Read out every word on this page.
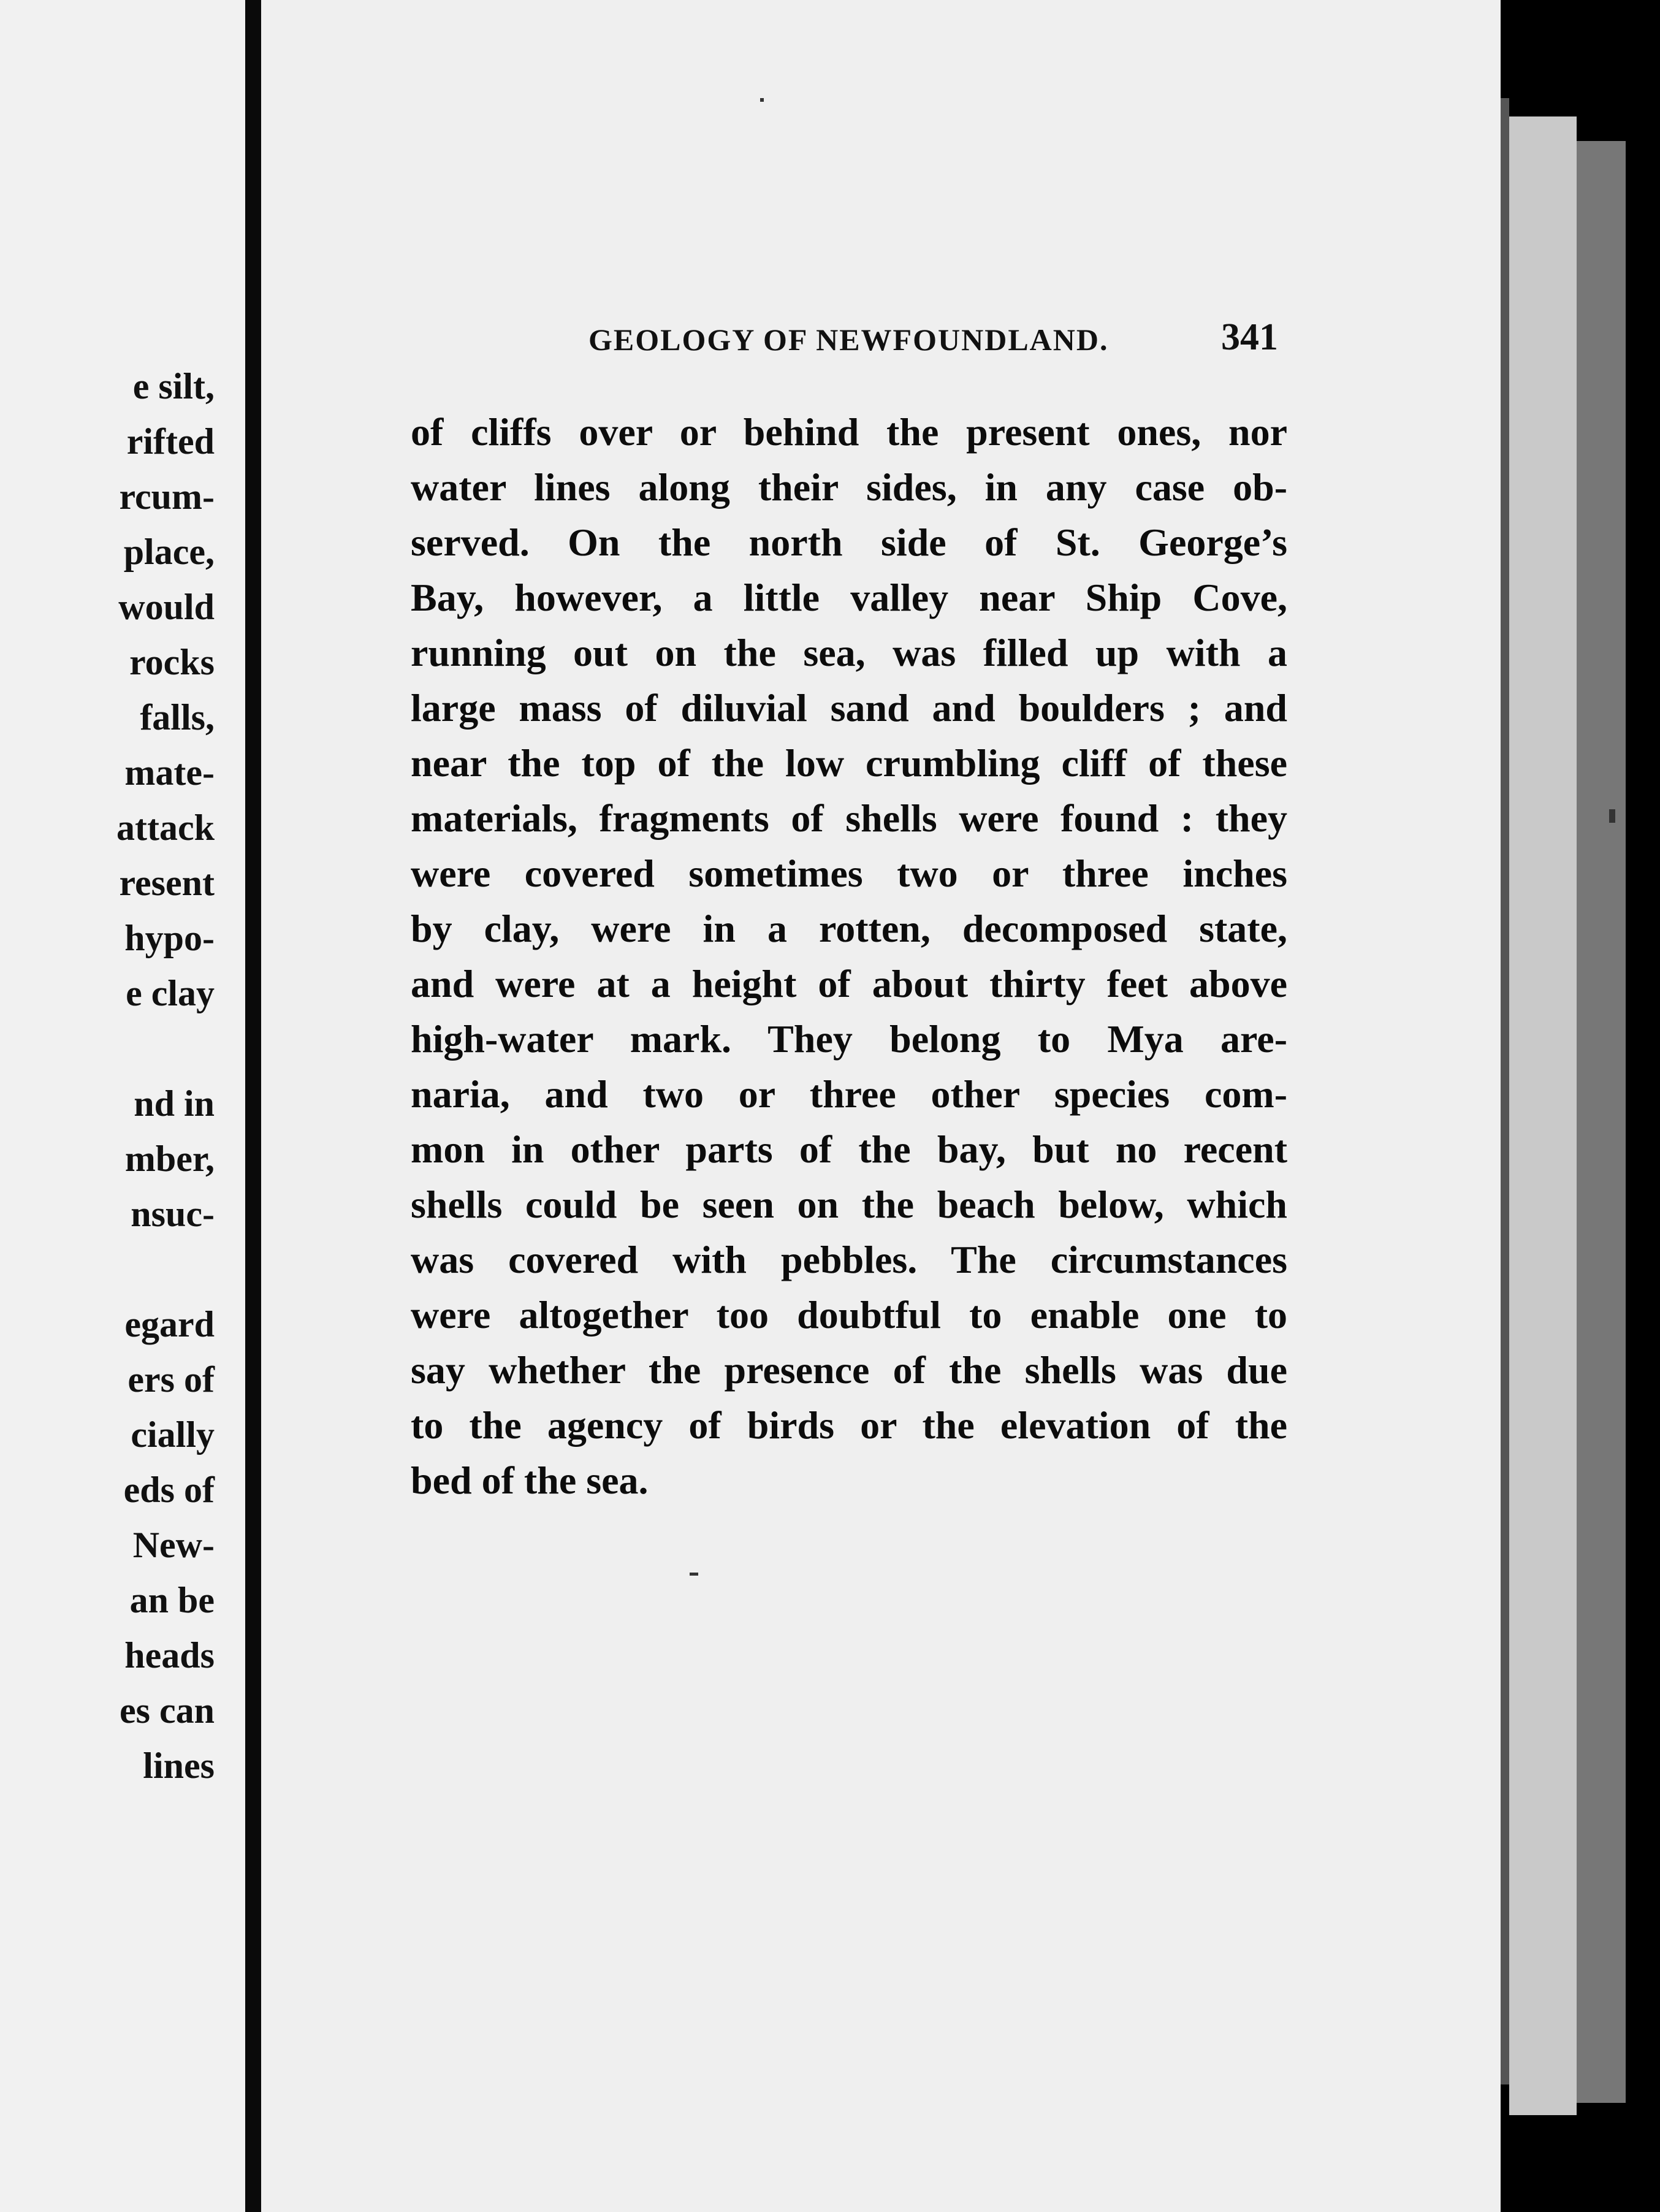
e silt,
rifted
rcum-
place,
would
rocks
falls,
mate-
attack
resent
hypo-
e clay
nd in
mber,
nsuc-
egard
ers of
cially
eds of
New-
an be
heads
es can
lines
GEOLOGY OF NEWFOUNDLAND.	341
of cliffs over or behind the present ones, nor
water lines along their sides, in any case ob-
served. On the north side of St. George’s
Bay, however, a little valley near Ship Cove,
running out on the sea, was filled up with a
large mass of diluvial sand and boulders ; and
near the top of the low crumbling cliff of these
materials, fragments of shells were found : they
were covered sometimes two or three inches
by clay, were in a rotten, decomposed state,
and were at a height of about thirty feet above
high-water mark. They belong to Mya are-
naria, and two or three other species com-
mon in other parts of the bay, but no recent
shells could be seen on the beach below, which
was covered with pebbles. The circumstances
were altogether too doubtful to enable one to
say whether the presence of the shells was due
to the agency of birds or the elevation of the
bed of the sea.
